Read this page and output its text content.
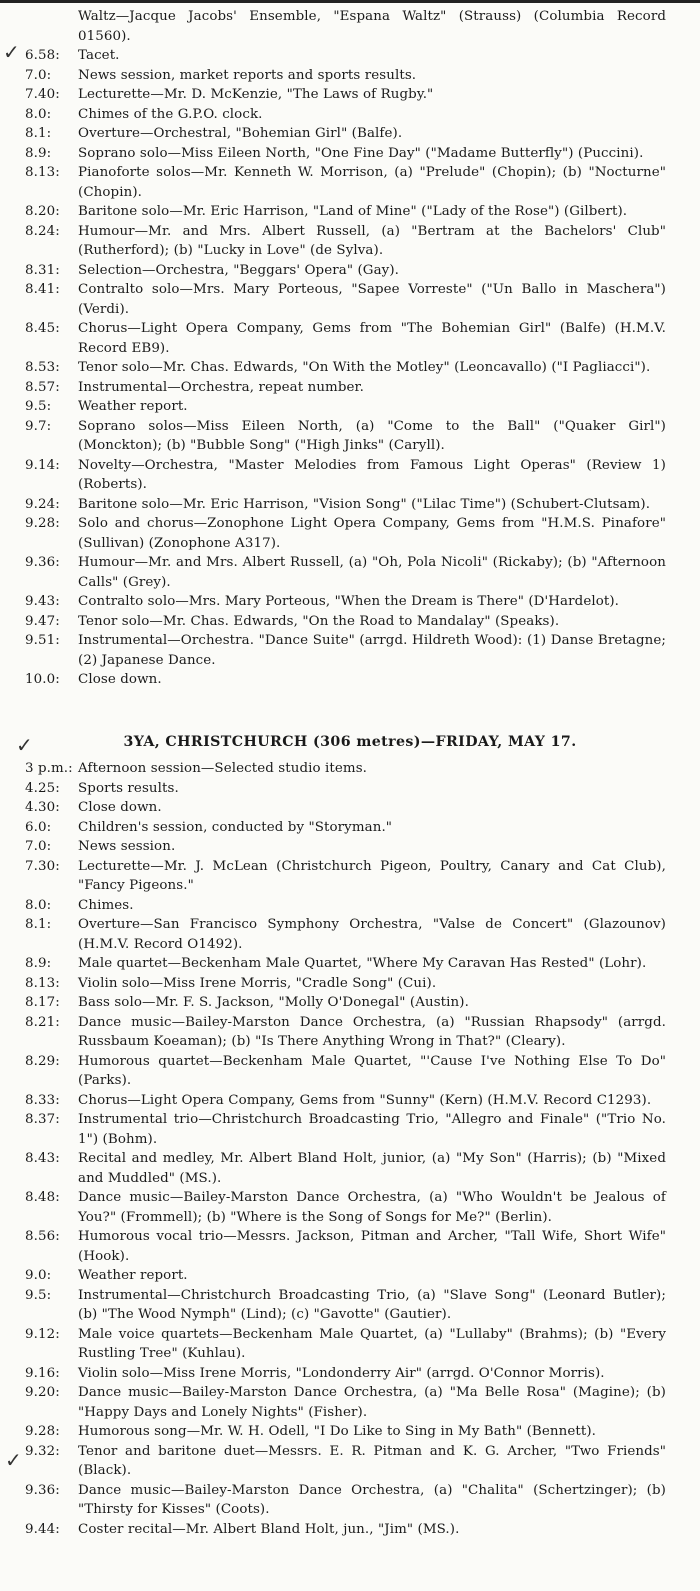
✓
✓
✓
Waltz—Jacque Jacobs' Ensemble, "Espana Waltz" (Strauss) (Columbia Record 01560).
6.58:	Tacet.
7.0:	News session, market reports and sports results.
7.40:	Lecturette—Mr. D. McKenzie, "The Laws of Rugby."
8.0:	Chimes of the G.P.O. clock.
8.1:	Overture—Orchestral, "Bohemian Girl" (Balfe).
8.9:	Soprano solo—Miss Eileen North, "One Fine Day" ("Madame Butterfly") (Puccini).
8.13:	Pianoforte solos—Mr. Kenneth W. Morrison, (a) "Prelude" (Chopin); (b) "Nocturne" (Chopin).
8.20:	Baritone solo—Mr. Eric Harrison, "Land of Mine" ("Lady of the Rose") (Gilbert).
8.24:	Humour—Mr. and Mrs. Albert Russell, (a) "Bertram at the Bachelors' Club" (Rutherford); (b) "Lucky in Love" (de Sylva).
8.31:	Selection—Orchestra, "Beggars' Opera" (Gay).
8.41:	Contralto solo—Mrs. Mary Porteous, "Sapee Vorreste" ("Un Ballo in Maschera") (Verdi).
8.45:	Chorus—Light Opera Company, Gems from "The Bohemian Girl" (Balfe) (H.M.V. Record EB9).
8.53:	Tenor solo—Mr. Chas. Edwards, "On With the Motley" (Leoncavallo) ("I Pagliacci").
8.57:	Instrumental—Orchestra, repeat number.
9.5:	Weather report.
9.7:	Soprano solos—Miss Eileen North, (a) "Come to the Ball" ("Quaker Girl") (Monckton); (b) "Bubble Song" ("High Jinks" (Caryll).
9.14:	Novelty—Orchestra, "Master Melodies from Famous Light Operas" (Review 1) (Roberts).
9.24:	Baritone solo—Mr. Eric Harrison, "Vision Song" ("Lilac Time") (Schubert-Clutsam).
9.28:	Solo and chorus—Zonophone Light Opera Company, Gems from "H.M.S. Pinafore" (Sullivan) (Zonophone A317).
9.36:	Humour—Mr. and Mrs. Albert Russell, (a) "Oh, Pola Nicoli" (Rickaby); (b) "Afternoon Calls" (Grey).
9.43:	Contralto solo—Mrs. Mary Porteous, "When the Dream is There" (D'Hardelot).
9.47:	Tenor solo—Mr. Chas. Edwards, "On the Road to Mandalay" (Speaks).
9.51:	Instrumental—Orchestra. "Dance Suite" (arrgd. Hildreth Wood): (1) Danse Bretagne; (2) Japanese Dance.
10.0:	Close down.
3YA, CHRISTCHURCH (306 metres)—FRIDAY, MAY 17.
3 p.m.: Afternoon session—Selected studio items.
4.25:	Sports results.
4.30:	Close down.
6.0:	Children's session, conducted by "Storyman."
7.0:	News session.
7.30:	Lecturette—Mr. J. McLean (Christchurch Pigeon, Poultry, Canary and Cat Club), "Fancy Pigeons."
8.0:	Chimes.
8.1:	Overture—San Francisco Symphony Orchestra, "Valse de Concert" (Glazounov) (H.M.V. Record O1492).
8.9:	Male quartet—Beckenham Male Quartet, "Where My Caravan Has Rested" (Lohr).
8.13:	Violin solo—Miss Irene Morris, "Cradle Song" (Cui).
8.17:	Bass solo—Mr. F. S. Jackson, "Molly O'Donegal" (Austin).
8.21:	Dance music—Bailey-Marston Dance Orchestra, (a) "Russian Rhapsody" (arrgd. Russbaum Koeaman); (b) "Is There Anything Wrong in That?" (Cleary).
8.29:	Humorous quartet—Beckenham Male Quartet, "'Cause I've Nothing Else To Do" (Parks).
8.33:	Chorus—Light Opera Company, Gems from "Sunny" (Kern) (H.M.V. Record C1293).
8.37:	Instrumental trio—Christchurch Broadcasting Trio, "Allegro and Finale" ("Trio No. 1") (Bohm).
8.43:	Recital and medley, Mr. Albert Bland Holt, junior, (a) "My Son" (Harris); (b) "Mixed and Muddled" (MS.).
8.48:	Dance music—Bailey-Marston Dance Orchestra, (a) "Who Wouldn't be Jealous of You?" (Frommell); (b) "Where is the Song of Songs for Me?" (Berlin).
8.56:	Humorous vocal trio—Messrs. Jackson, Pitman and Archer, "Tall Wife, Short Wife" (Hook).
9.0:	Weather report.
9.5:	Instrumental—Christchurch Broadcasting Trio, (a) "Slave Song" (Leonard Butler); (b) "The Wood Nymph" (Lind); (c) "Gavotte" (Gautier).
9.12:	Male voice quartets—Beckenham Male Quartet, (a) "Lullaby" (Brahms); (b) "Every Rustling Tree" (Kuhlau).
9.16:	Violin solo—Miss Irene Morris, "Londonderry Air" (arrgd. O'Connor Morris).
9.20:	Dance music—Bailey-Marston Dance Orchestra, (a) "Ma Belle Rosa" (Magine); (b) "Happy Days and Lonely Nights" (Fisher).
9.28:	Humorous song—Mr. W. H. Odell, "I Do Like to Sing in My Bath" (Bennett).
9.32:	Tenor and baritone duet—Messrs. E. R. Pitman and K. G. Archer, "Two Friends" (Black).
9.36:	Dance music—Bailey-Marston Dance Orchestra, (a) "Chalita" (Schertzinger); (b) "Thirsty for Kisses" (Coots).
9.44:	Coster recital—Mr. Albert Bland Holt, jun., "Jim" (MS.).
